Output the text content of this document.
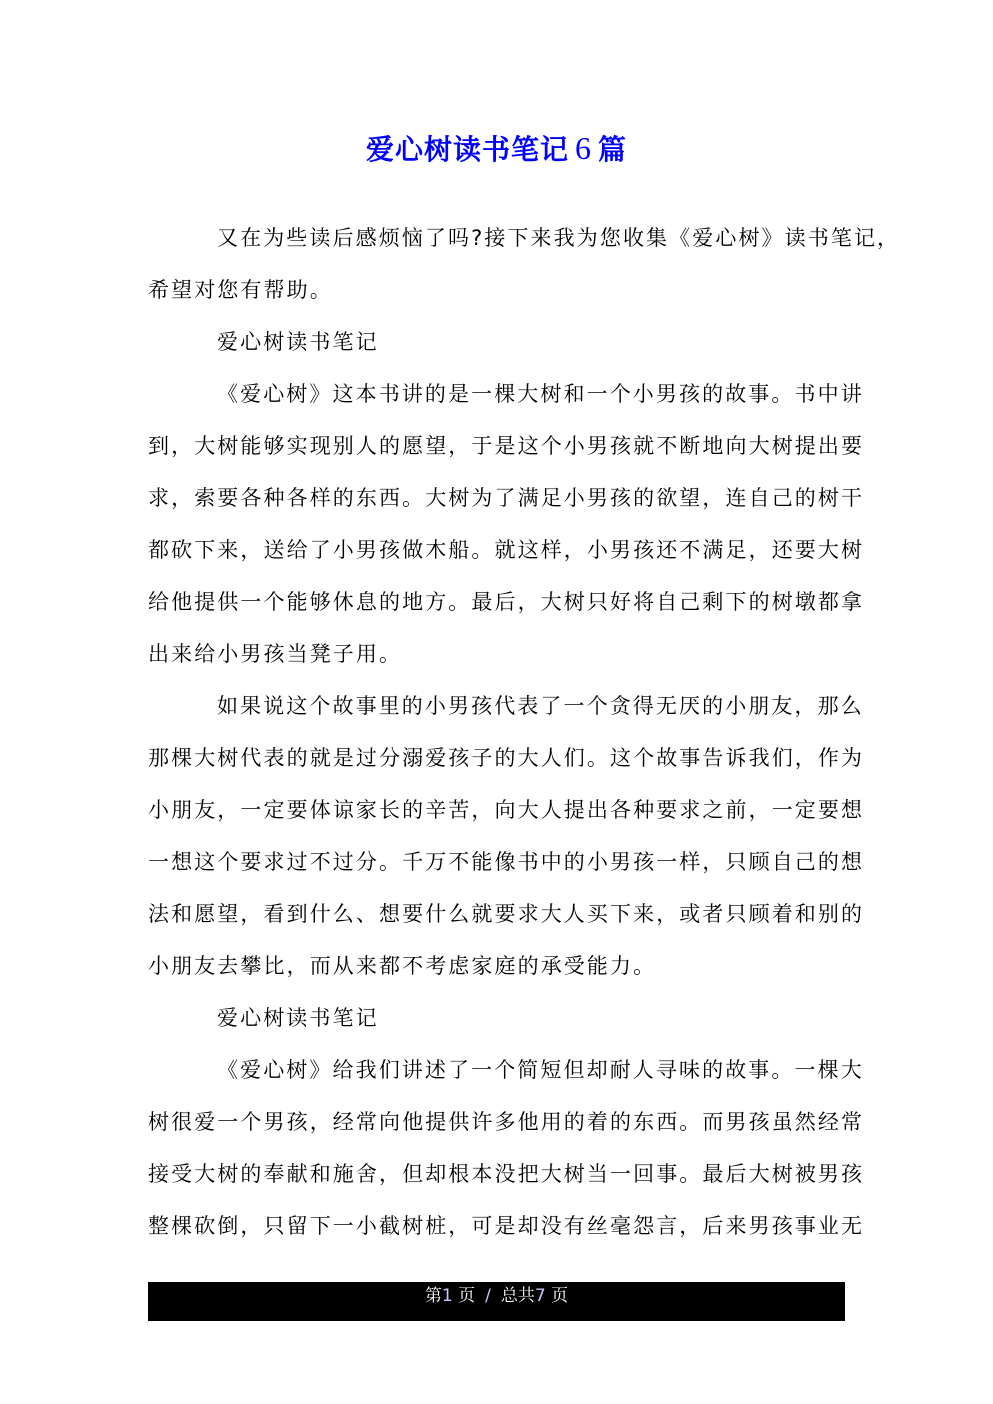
爱心树读书笔记 6 篇
又在为些读后感烦恼了吗?接下来我为您收集《爱心树》读书笔记，
希望对您有帮助。
爱心树读书笔记
《爱心树》这本书讲的是一棵大树和一个小男孩的故事。书中讲
到，大树能够实现别人的愿望，于是这个小男孩就不断地向大树提出要
求，索要各种各样的东西。大树为了满足小男孩的欲望，连自己的树干
都砍下来，送给了小男孩做木船。就这样，小男孩还不满足，还要大树
给他提供一个能够休息的地方。最后，大树只好将自己剩下的树墩都拿
出来给小男孩当凳子用。
如果说这个故事里的小男孩代表了一个贪得无厌的小朋友，那么
那棵大树代表的就是过分溺爱孩子的大人们。这个故事告诉我们，作为
小朋友，一定要体谅家长的辛苦，向大人提出各种要求之前，一定要想
一想这个要求过不过分。千万不能像书中的小男孩一样，只顾自己的想
法和愿望，看到什么、想要什么就要求大人买下来，或者只顾着和别的
小朋友去攀比，而从来都不考虑家庭的承受能力。
爱心树读书笔记
《爱心树》给我们讲述了一个简短但却耐人寻味的故事。一棵大
树很爱一个男孩，经常向他提供许多他用的着的东西。而男孩虽然经常
接受大树的奉献和施舍，但却根本没把大树当一回事。最后大树被男孩
整棵砍倒，只留下一小截树桩，可是却没有丝毫怨言，后来男孩事业无
第1 页 / 总共7 页
